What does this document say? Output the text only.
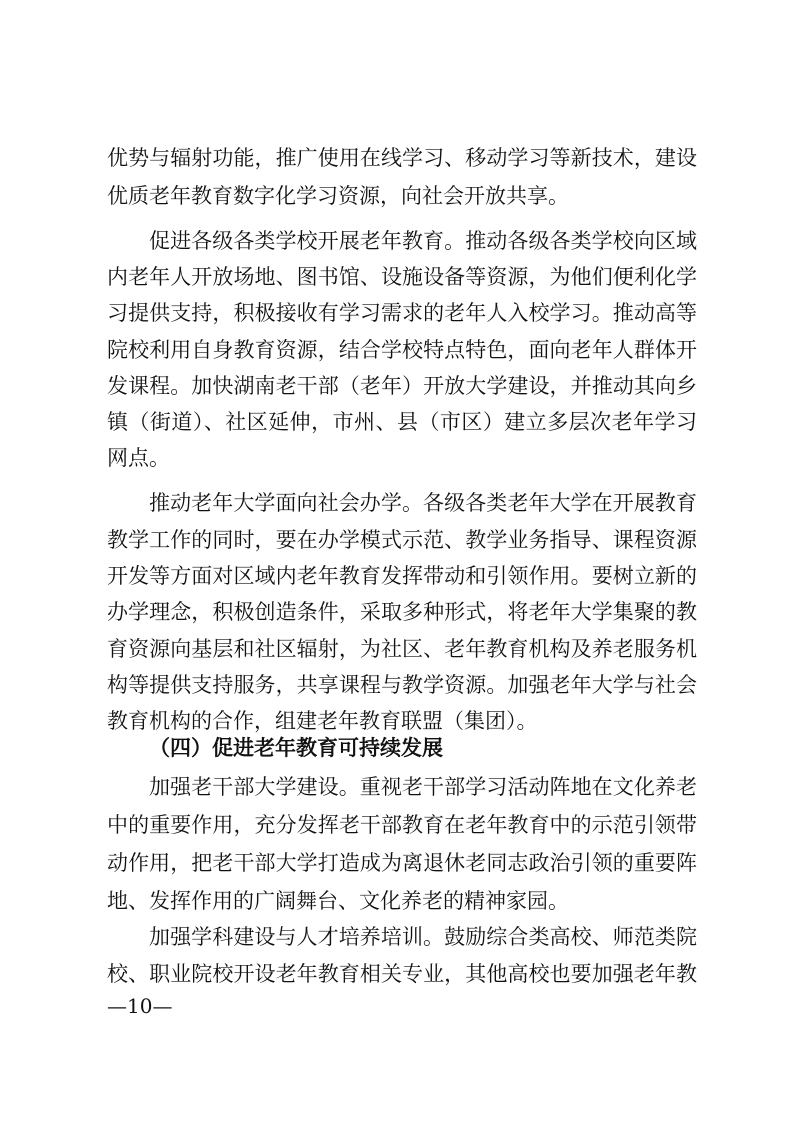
优势与辐射功能，推广使用在线学习、移动学习等新技术，建设
优质老年教育数字化学习资源，向社会开放共享。
促进各级各类学校开展老年教育。推动各级各类学校向区域
内老年人开放场地、图书馆、设施设备等资源，为他们便利化学
习提供支持，积极接收有学习需求的老年人入校学习。推动高等
院校利用自身教育资源，结合学校特点特色，面向老年人群体开
发课程。加快湖南老干部（老年）开放大学建设，并推动其向乡
镇（街道）、社区延伸，市州、县（市区）建立多层次老年学习
网点。
推动老年大学面向社会办学。各级各类老年大学在开展教育
教学工作的同时，要在办学模式示范、教学业务指导、课程资源
开发等方面对区域内老年教育发挥带动和引领作用。要树立新的
办学理念，积极创造条件，采取多种形式，将老年大学集聚的教
育资源向基层和社区辐射，为社区、老年教育机构及养老服务机
构等提供支持服务，共享课程与教学资源。加强老年大学与社会
教育机构的合作，组建老年教育联盟（集团）。
（四）促进老年教育可持续发展
加强老干部大学建设。重视老干部学习活动阵地在文化养老
中的重要作用，充分发挥老干部教育在老年教育中的示范引领带
动作用，把老干部大学打造成为离退休老同志政治引领的重要阵
地、发挥作用的广阔舞台、文化养老的精神家园。
加强学科建设与人才培养培训。鼓励综合类高校、师范类院
校、职业院校开设老年教育相关专业，其他高校也要加强老年教
—10—
